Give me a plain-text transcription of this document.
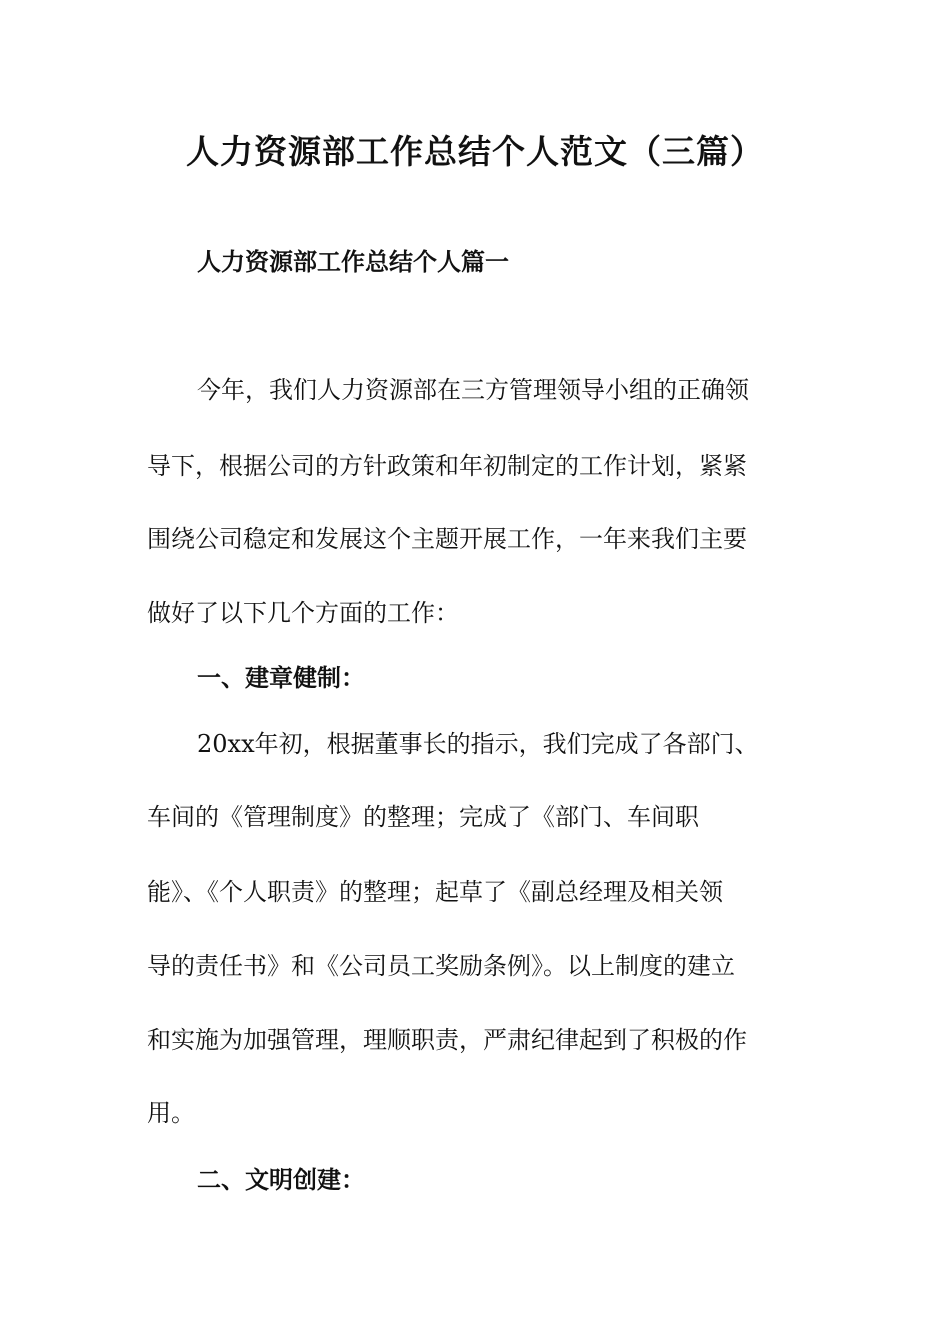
人力资源部工作总结个人范文（三篇）
人力资源部工作总结个人篇一

今年，我们人力资源部在三方管理领导小组的正确领

导下，根据公司的方针政策和年初制定的工作计划，紧紧

围绕公司稳定和发展这个主题开展工作，一年来我们主要

做好了以下几个方面的工作：

一、建章健制：

20xx年初，根据董事长的指示，我们完成了各部门、

车间的《管理制度》的整理；完成了《部门、车间职

能》、《个人职责》的整理；起草了《副总经理及相关领

导的责任书》和《公司员工奖励条例》。以上制度的建立

和实施为加强管理，理顺职责，严肃纪律起到了积极的作

用。

二、文明创建：
